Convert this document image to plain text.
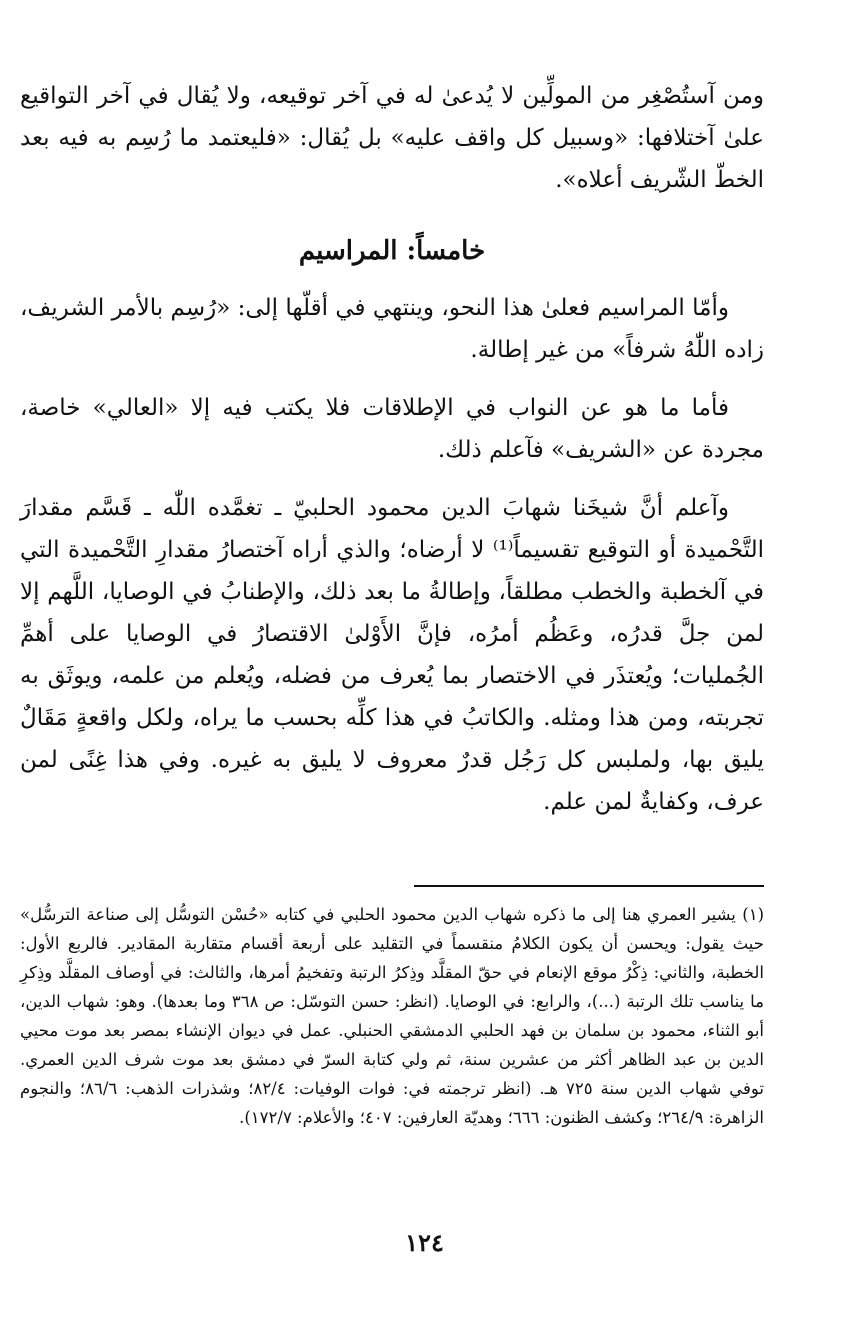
ومن آستُصْغِر من المولِّين لا يُدعىٰ له في آخر توقيعه، ولا يُقال في آخر التواقيع علىٰ آختلافها: «وسبيل كل واقف عليه» بل يُقال: «فليعتمد ما رُسِم به فيه بعد الخطّ الشّريف أعلاه».

خامساً: المراسيم

وأمّا المراسيم فعلىٰ هذا النحو، وينتهي في أقلّها إلى: «رُسِم بالأمر الشريف، زاده اللّٰهُ شرفاً» من غير إطالة.

فأما ما هو عن النواب في الإطلاقات فلا يكتب فيه إلا «العالي» خاصة، مجردة عن «الشريف» فآعلم ذلك.

وآعلم أنَّ شيخَنا شهابَ الدين محمود الحلبيّ ـ تغمَّده اللّٰه ـ قَسَّم مقدارَ التَّحْميدة أو التوقيع تقسيماً⁽¹⁾ لا أرضاه؛ والذي أراه آختصارُ مقدارِ التَّحْميدة التي في آلخطبة والخطب مطلقاً، وإطالةُ ما بعد ذلك، والإطنابُ في الوصايا، اللَّهم إلا لمن جلَّ قدرُه، وعَظُم أمرُه، فإنَّ الأَوْلىٰ الاقتصارُ في الوصايا على أهمِّ الجُمليات؛ ويُعتذَر في الاختصار بما يُعرف من فضله، ويُعلم من علمه، ويوثَق به تجربته، ومن هذا ومثله. والكاتبُ في هذا كلِّه بحسب ما يراه، ولكل واقعةٍ مَقَالٌ يليق بها، ولملبس كل رَجُل قدرٌ معروف لا يليق به غيره. وفي هذا غِنًى لمن عرف، وكفايةٌ لمن علم.

(١) يشير العمري هنا إلى ما ذكره شهاب الدين محمود الحلبي في كتابه «حُسْن التوسُّل إلى صناعة الترسُّل» حيث يقول: ويحسن أن يكون الكلامُ منقسماً في التقليد على أربعة أقسام متقاربة المقادير. فالربع الأول: الخطبة، والثاني: ذِكْرُ موقع الإنعام في حقّ المقلَّد وذِكرُ الرتبة وتفخيمُ أمرها، والثالث: في أوصاف المقلَّد وذِكرِ ما يناسب تلك الرتبة (...)، والرابع: في الوصايا. (انظر: حسن التوسّل: ص ٣٦٨ وما بعدها). وهو: شهاب الدين، أبو الثناء، محمود بن سلمان بن فهد الحلبي الدمشقي الحنبلي. عمل في ديوان الإنشاء بمصر بعد موت محيي الدين بن عبد الظاهر أكثر من عشرين سنة، ثم ولي كتابة السرّ في دمشق بعد موت شرف الدين العمري. توفي شهاب الدين سنة ٧٢٥ هـ. (انظر ترجمته في: فوات الوفيات: ٨٢/٤؛ وشذرات الذهب: ٨٦/٦؛ والنجوم الزاهرة: ٢٦٤/٩؛ وكشف الظنون: ٦٦٦؛ وهديّة العارفين: ٤٠٧؛ والأعلام: ١٧٢/٧).

١٢٤
